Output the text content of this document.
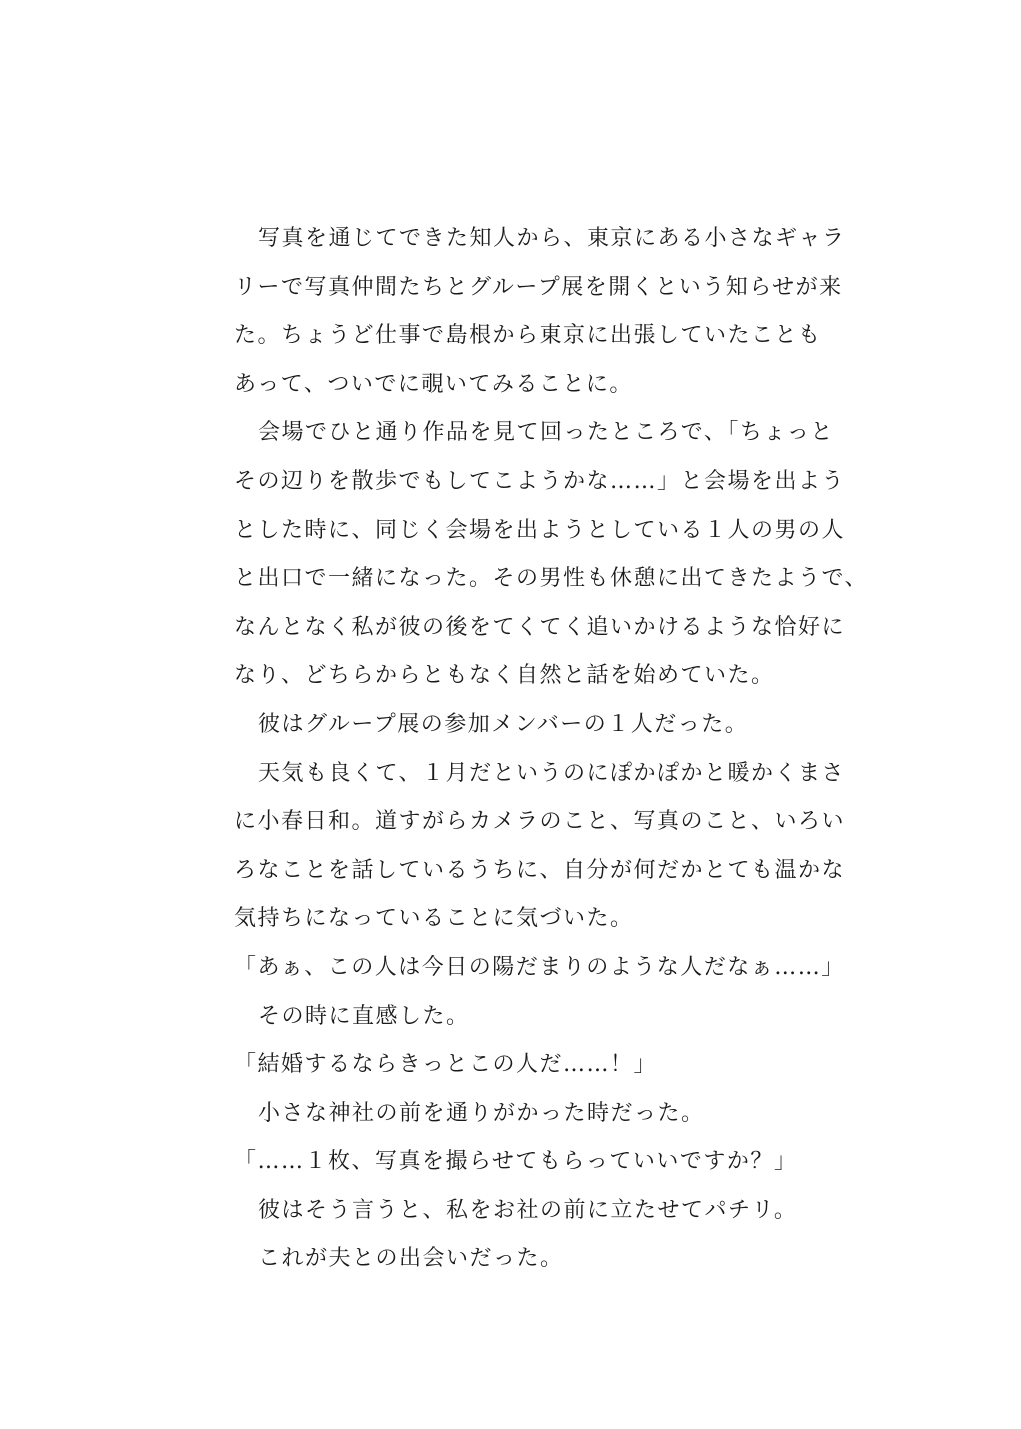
写真を通じてできた知人から、東京にある小さなギャラ
リーで写真仲間たちとグループ展を開くという知らせが来
た。ちょうど仕事で島根から東京に出張していたことも
あって、ついでに覗いてみることに。
会場でひと通り作品を見て回ったところで、「ちょっと
その辺りを散歩でもしてこようかな……」と会場を出よう
とした時に、同じく会場を出ようとしている１人の男の人
と出口で一緒になった。その男性も休憩に出てきたようで、
なんとなく私が彼の後をてくてく追いかけるような恰好に
なり、どちらからともなく自然と話を始めていた。
彼はグループ展の参加メンバーの１人だった。
天気も良くて、１月だというのにぽかぽかと暖かくまさ
に小春日和。道すがらカメラのこと、写真のこと、いろい
ろなことを話しているうちに、自分が何だかとても温かな
気持ちになっていることに気づいた。
「あぁ、この人は今日の陽だまりのような人だなぁ……」
その時に直感した。
「結婚するならきっとこの人だ……！」
小さな神社の前を通りがかった時だった。
「……１枚、写真を撮らせてもらっていいですか？」
彼はそう言うと、私をお社の前に立たせてパチリ。
これが夫との出会いだった。
